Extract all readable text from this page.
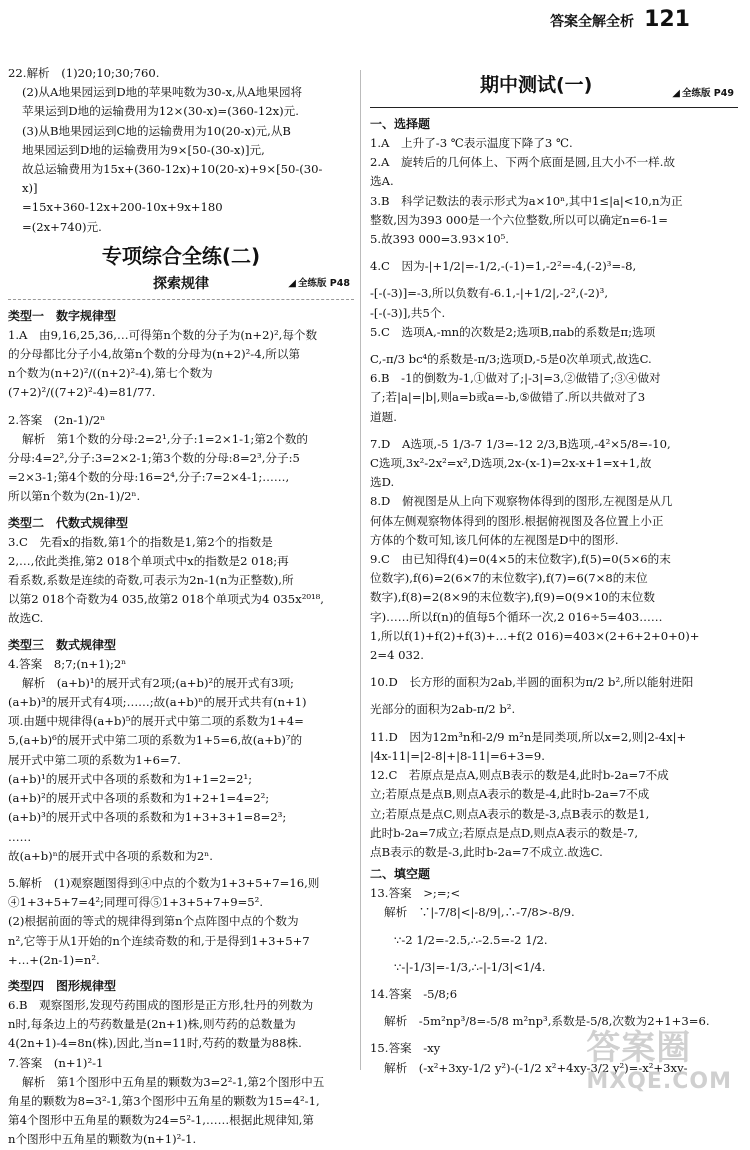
答案全解全析 121

22.解析　(1)20;10;30;760.

(2)从A地果园运到D地的苹果吨数为30-x,从A地果园将

苹果运到D地的运输费用为12×(30-x)=(360-12x)元.

(3)从B地果园运到C地的运输费用为10(20-x)元,从B

地果园运到D地的运输费用为9×[50-(30-x)]元,

故总运输费用为15x+(360-12x)+10(20-x)+9×[50-(30-

x)]

=15x+360-12x+200-10x+9x+180

=(2x+740)元.

专项综合全练(二)
探索规律	◢ 全练版 P48
类型一　数字规律型

1.A　由9,16,25,36,…可得第n个数的分子为(n+2)²,每个数

的分母都比分子小4,故第n个数的分母为(n+2)²-4,所以第

n个数为(n+2)²/((n+2)²-4),第七个数为(7+2)²/((7+2)²-4)=81/77.

2.答案　(2n-1)/2ⁿ

解析　第1个数的分母:2=2¹,分子:1=2×1-1;第2个数的

分母:4=2²,分子:3=2×2-1;第3个数的分母:8=2³,分子:5

=2×3-1;第4个数的分母:16=2⁴,分子:7=2×4-1;……,

所以第n个数为(2n-1)/2ⁿ.

类型二　代数式规律型

3.C　先看x的指数,第1个的指数是1,第2个的指数是

2,…,依此类推,第2 018个单项式中x的指数是2 018;再

看系数,系数是连续的奇数,可表示为2n-1(n为正整数),所

以第2 018个奇数为4 035,故第2 018个单项式为4 035x²⁰¹⁸,

故选C.

类型三　数式规律型

4.答案　8;7;(n+1);2ⁿ

解析　(a+b)¹的展开式有2项;(a+b)²的展开式有3项;

(a+b)³的展开式有4项;……;故(a+b)ⁿ的展开式共有(n+1)

项.由题中规律得(a+b)⁵的展开式中第二项的系数为1+4=

5,(a+b)⁶的展开式中第二项的系数为1+5=6,故(a+b)⁷的

展开式中第二项的系数为1+6=7.

(a+b)¹的展开式中各项的系数和为1+1=2=2¹;

(a+b)²的展开式中各项的系数和为1+2+1=4=2²;

(a+b)³的展开式中各项的系数和为1+3+3+1=8=2³;

……

故(a+b)ⁿ的展开式中各项的系数和为2ⁿ.

5.解析　(1)观察题图得到④中点的个数为1+3+5+7=16,则

④1+3+5+7=4²;同理可得⑤1+3+5+7+9=5².

(2)根据前面的等式的规律得到第n个点阵图中点的个数为

n²,它等于从1开始的n个连续奇数的和,于是得到1+3+5+7

+…+(2n-1)=n².

类型四　图形规律型

6.B　观察图形,发现芍药围成的图形是正方形,牡丹的列数为

n时,每条边上的芍药数量是(2n+1)株,则芍药的总数量为

4(2n+1)-4=8n(株),因此,当n=11时,芍药的数量为88株.

7.答案　(n+1)²-1

解析　第1个图形中五角星的颗数为3=2²-1,第2个图形中五

角星的颗数为8=3²-1,第3个图形中五角星的颗数为15=4²-1,

第4个图形中五角星的颗数为24=5²-1,……根据此规律知,第

n个图形中五角星的颗数为(n+1)²-1.

期中测试(一)	◢ 全练版 P49
一、选择题

1.A　上升了-3 ℃表示温度下降了3 ℃.

2.A　旋转后的几何体上、下两个底面是圆,且大小不一样.故

选A.

3.B　科学记数法的表示形式为a×10ⁿ,其中1≤|a|<10,n为正

整数,因为393 000是一个六位整数,所以可以确定n=6-1=

5.故393 000=3.93×10⁵.

4.C　因为-|+1/2|=-1/2,-(-1)=1,-2²=-4,(-2)³=-8,

-[-(-3)]=-3,所以负数有-6.1,-|+1/2|,-2²,(-2)³,

-[-(-3)],共5个.

5.C　选项A,-mn的次数是2;选项B,πab的系数是π;选项

C,-π/3 bc⁴的系数是-π/3;选项D,-5是0次单项式,故选C.

6.B　-1的倒数为-1,①做对了;|-3|=3,②做错了;③④做对

了;若|a|=|b|,则a=b或a=-b,⑤做错了.所以共做对了3

道题.

7.D　A选项,-5 1/3-7 1/3=-12 2/3,B选项,-4²×5/8=-10,

C选项,3x²-2x²=x²,D选项,2x-(x-1)=2x-x+1=x+1,故

选D.

8.D　俯视图是从上向下观察物体得到的图形,左视图是从几

何体左侧观察物体得到的图形.根据俯视图及各位置上小正

方体的个数可知,该几何体的左视图是D中的图形.

9.C　由已知得f(4)=0(4×5的末位数字),f(5)=0(5×6的末

位数字),f(6)=2(6×7的末位数字),f(7)=6(7×8的末位

数字),f(8)=2(8×9的末位数字),f(9)=0(9×10的末位数

字)……所以f(n)的值每5个循环一次,2 016÷5=403……

1,所以f(1)+f(2)+f(3)+…+f(2 016)=403×(2+6+2+0+0)+

2=4 032.

10.D　长方形的面积为2ab,半圆的面积为π/2 b²,所以能射进阳

光部分的面积为2ab-π/2 b².

11.D　因为12m³n和-2/9 m²n是同类项,所以x=2,则|2-4x|+

|4x-11|=|2-8|+|8-11|=6+3=9.

12.C　若原点是点A,则点B表示的数是4,此时b-2a=7不成

立;若原点是点B,则点A表示的数是-4,此时b-2a=7不成

立;若原点是点C,则点A表示的数是-3,点B表示的数是1,

此时b-2a=7成立;若原点是点D,则点A表示的数是-7,

点B表示的数是-3,此时b-2a=7不成立.故选C.

二、填空题

13.答案　>;=;<

解析　∵|-7/8|<|-8/9|,∴-7/8>-8/9.

∵-2 1/2=-2.5,∴-2.5=-2 1/2.

∵-|-1/3|=-1/3,∴-|-1/3|<1/4.

14.答案　-5/8;6

解析　-5m²np³/8=-5/8 m²np³,系数是-5/8,次数为2+1+3=6.

15.答案　-xy

解析　(-x²+3xy-1/2 y²)-(-1/2 x²+4xy-3/2 y²)=-x²+3xy-

答案圈
MXQE.COM
